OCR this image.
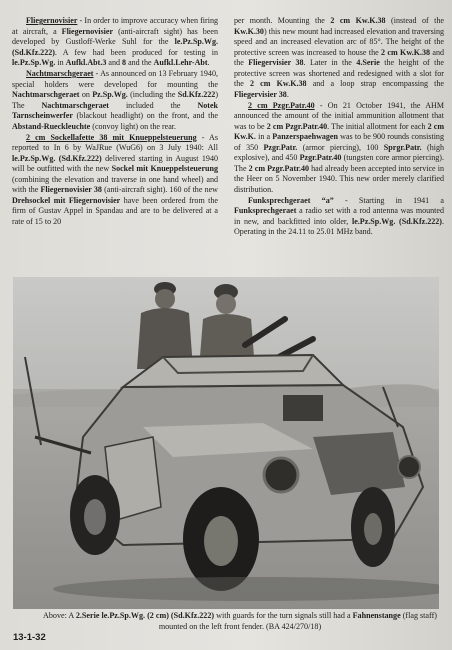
Fliegernovisier - In order to improve accuracy when firing at aircraft, a Fliegernovisier (anti-aircraft sight) has been developed by Gustloff-Werke Suhl for the le.Pz.Sp.Wg. (Sd.Kfz.222). A few had been produced for testing in le.Pz.Sp.Wg. in Aufkl.Abt.3 and 8 and the Aufkl.Lehr-Abt.

Nachtmarschgeraet - As announced on 13 February 1940, special holders were developed for mounting the Nachtmarschgeraet on Pz.Sp.Wg. (including the Sd.Kfz.222) The Nachtmarschgeraet included the Notek Tarnscheinwerfer (blackout headlight) on the front, and the Abstand-Rueckleuchte (convoy light) on the rear.

2 cm Sockellafette 38 mit Knueppelsteuerung - As reported to In 6 by WaJRue (WuG6) on 3 July 1940: All le.Pz.Sp.Wg. (Sd.Kfz.222) delivered starting in August 1940 will be outfitted with the new Sockel mit Knueppelsteuerung (combining the elevation and traverse in one hand wheel) and with the Fliegernovisier 38 (anti-aircraft sight). 160 of the new Drehsockel mit Fliegernovisier have been ordered from the firm of Gustav Appel in Spandau and are to be delivered at a rate of 15 to 20

per month. Mounting the 2 cm Kw.K.38 (instead of the Kw.K.30) this new mount had increased elevation and traversing speed and an increased elevation arc of 85°. The height of the protective screen was increased to house the 2 cm Kw.K.38 and the Fliegervisier 38. Later in the 4.Serie the height of the protective screen was shortened and redesigned with a slot for the 2 cm Kw.K.38 and a loop strap encompassing the Fliegervisier 38.

2 cm Pzgr.Patr.40 - On 21 October 1941, the AHM announced the amount of the initial ammunition allotment that was to be 2 cm Pzgr.Patr.40. The initial allotment for each 2 cm Kw.K. in a Panzerspaehwagen was to be 900 rounds consisting of 350 Pzgr.Patr. (armor piercing), 100 Sprgr.Patr. (high explosive), and 450 Pzgr.Patr.40 (tungsten core armor piercing). The 2 cm Pzgr.Patr.40 had already been accepted into service in the Heer on 5 November 1940. This new order merely clarified distribution.

Funksprechgeraet “a” - Starting in 1941 a Funksprechgeraet a radio set with a rod antenna was mounted in new, and backfitted into older, le.Pz.Sp.Wg. (Sd.Kfz.222). Operating in the 24.11 to 25.01 MHz band.

Above: A 2.Serie le.Pz.Sp.Wg. (2 cm) (Sd.Kfz.222) with guards for the turn signals still had a Fahnenstange (flag staff) mounted on the left front fender. (BA 424/270/18)
13-1-32
